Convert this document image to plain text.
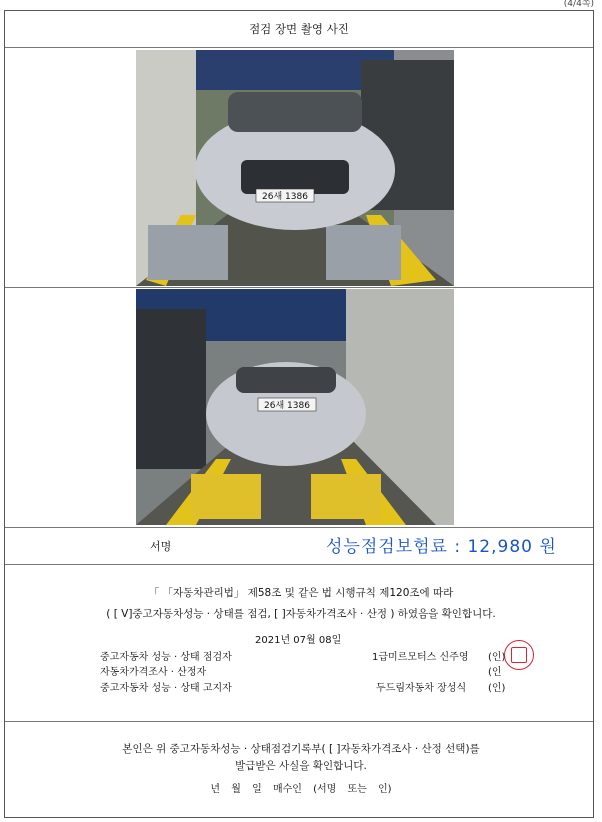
(4/4쪽)
점검 장면 촬영 사진
26새 1386
26새 1386
서명	성능점검보험료 : 12,980 원
「 「자동차관리법」 제58조 및 같은 법 시행규칙 제120조에 따라
( [ V]중고자동차성능 · 상태를 점검, [ ]자동차가격조사 · 산정 ) 하였음을 확인합니다.
2021년 07월 08일
중고자동차 성능 · 상태 점검자	1급미르모터스 신주영 (인)
자동차가격조사 · 산정자	(인
중고자동차 성능 · 상태 고지자	두드림자동차 장성식 (인)
본인은 위 중고자동차성능 · 상태점검기록부( [ ]자동차가격조사 · 산정 선택)를
발급받은 사실을 확인합니다.
년 월 일 매수인 (서명 또는 인)
